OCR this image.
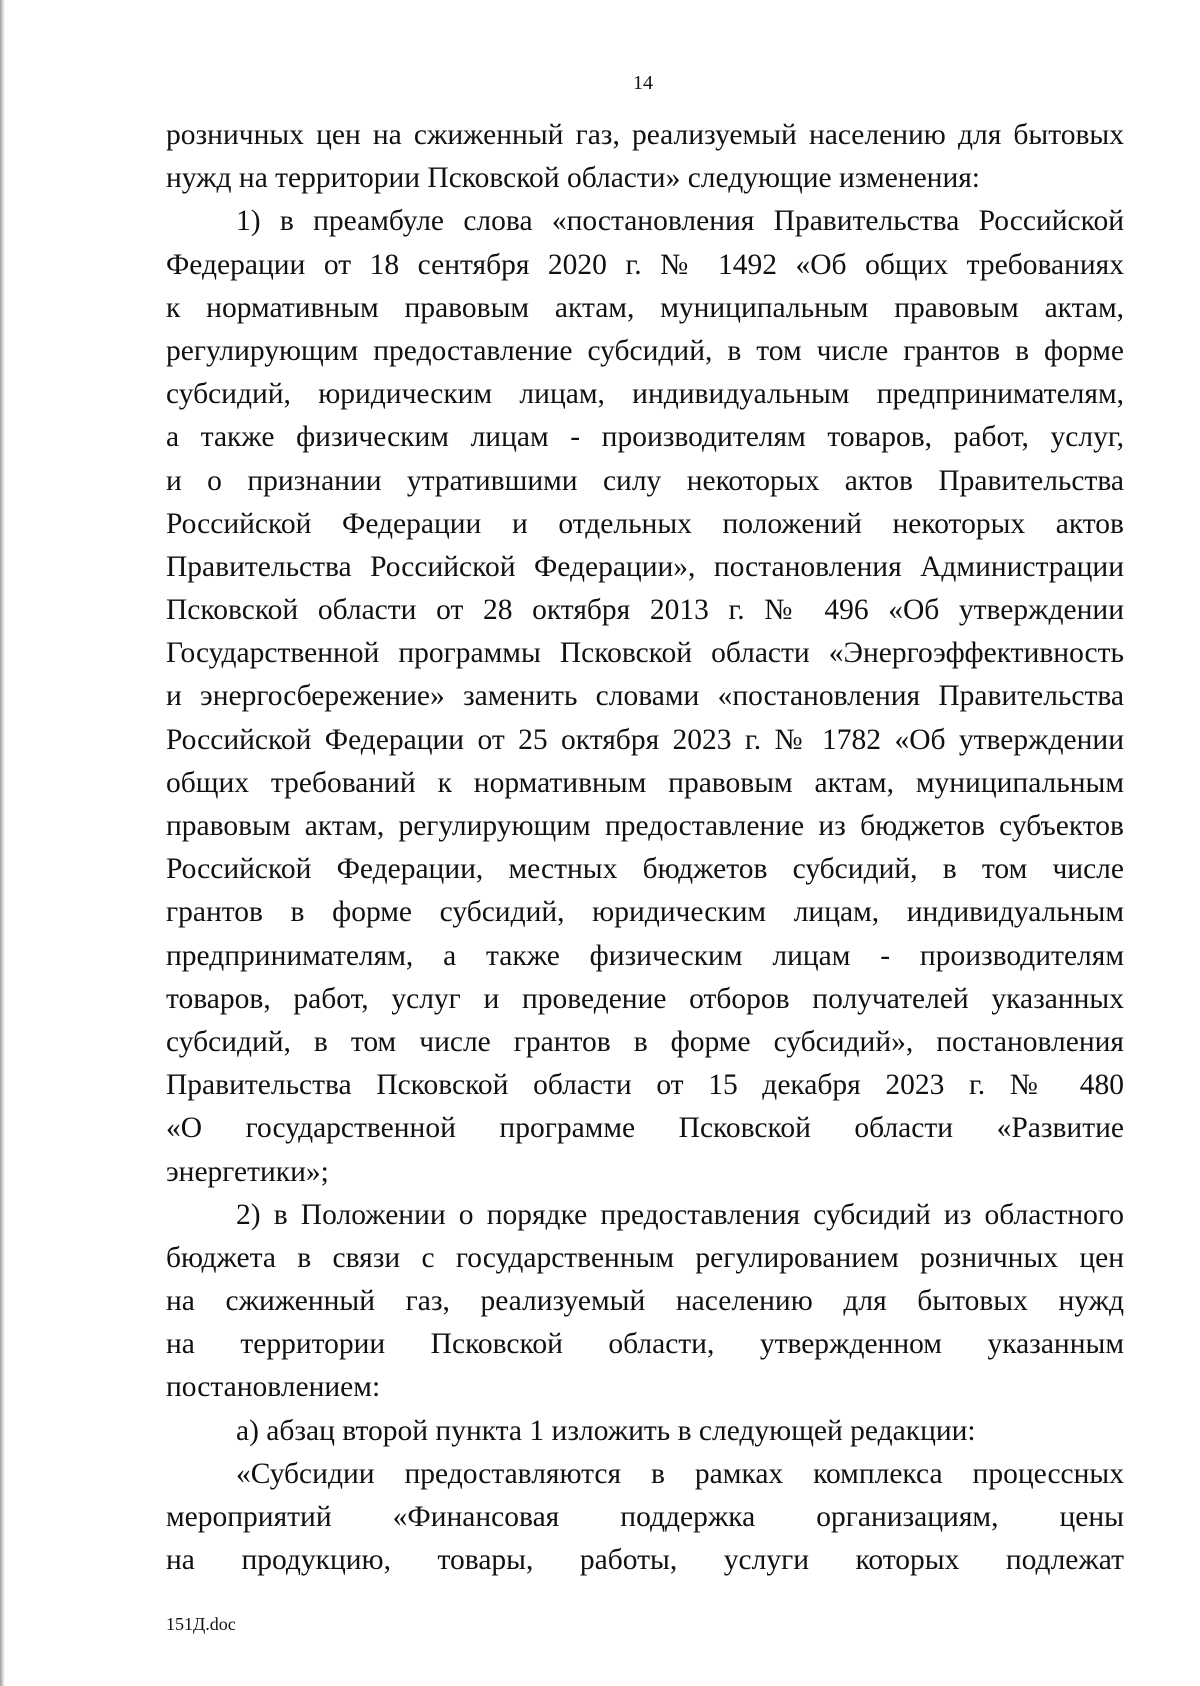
14
розничных цен на сжиженный газ, реализуемый населению для бытовых
нужд на территории Псковской области» следующие изменения:
1) в преамбуле слова «постановления Правительства Российской
Федерации от 18 сентября 2020 г. № 1492 «Об общих требованиях
к нормативным правовым актам, муниципальным правовым актам,
регулирующим предоставление субсидий, в том числе грантов в форме
субсидий, юридическим лицам, индивидуальным предпринимателям,
а также физическим лицам - производителям товаров, работ, услуг,
и о признании утратившими силу некоторых актов Правительства
Российской Федерации и отдельных положений некоторых актов
Правительства Российской Федерации», постановления Администрации
Псковской области от 28 октября 2013 г. № 496 «Об утверждении
Государственной программы Псковской области «Энергоэффективность
и энергосбережение» заменить словами «постановления Правительства
Российской Федерации от 25 октября 2023 г. № 1782 «Об утверждении
общих требований к нормативным правовым актам, муниципальным
правовым актам, регулирующим предоставление из бюджетов субъектов
Российской Федерации, местных бюджетов субсидий, в том числе
грантов в форме субсидий, юридическим лицам, индивидуальным
предпринимателям, а также физическим лицам - производителям
товаров, работ, услуг и проведение отборов получателей указанных
субсидий, в том числе грантов в форме субсидий», постановления
Правительства Псковской области от 15 декабря 2023 г. № 480
«О государственной программе Псковской области «Развитие
энергетики»;
2) в Положении о порядке предоставления субсидий из областного
бюджета в связи с государственным регулированием розничных цен
на сжиженный газ, реализуемый населению для бытовых нужд
на территории Псковской области, утвержденном указанным
постановлением:
а) абзац второй пункта 1 изложить в следующей редакции:
«Субсидии предоставляются в рамках комплекса процессных
мероприятий «Финансовая поддержка организациям, цены
на продукцию, товары, работы, услуги которых подлежат
151Д.doc
